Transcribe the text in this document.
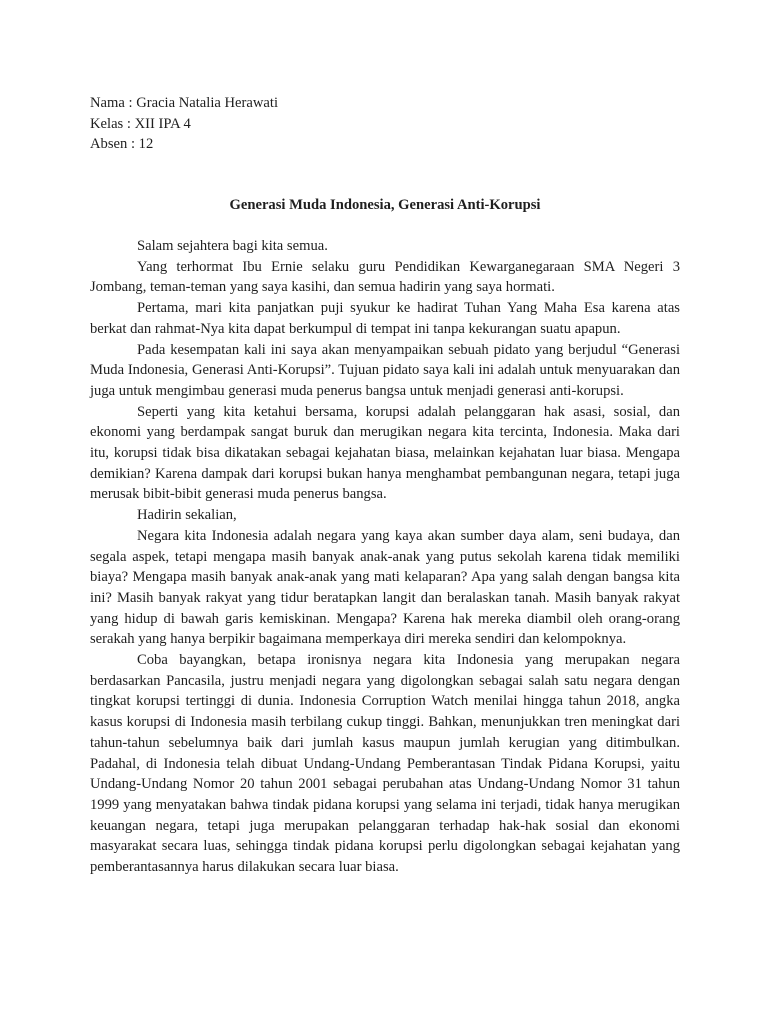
Nama : Gracia Natalia Herawati
Kelas : XII IPA 4
Absen : 12
Generasi Muda Indonesia, Generasi Anti-Korupsi

Salam sejahtera bagi kita semua.

Yang terhormat Ibu Ernie selaku guru Pendidikan Kewarganegaraan SMA Negeri 3 Jombang, teman-teman yang saya kasihi, dan semua hadirin yang saya hormati.

Pertama, mari kita panjatkan puji syukur ke hadirat Tuhan Yang Maha Esa karena atas berkat dan rahmat-Nya kita dapat berkumpul di tempat ini tanpa kekurangan suatu apapun.

Pada kesempatan kali ini saya akan menyampaikan sebuah pidato yang berjudul “Generasi Muda Indonesia, Generasi Anti-Korupsi”. Tujuan pidato saya kali ini adalah untuk menyuarakan dan juga untuk mengimbau generasi muda penerus bangsa untuk menjadi generasi anti-korupsi.

Seperti yang kita ketahui bersama, korupsi adalah pelanggaran hak asasi, sosial, dan ekonomi yang berdampak sangat buruk dan merugikan negara kita tercinta, Indonesia. Maka dari itu, korupsi tidak bisa dikatakan sebagai kejahatan biasa, melainkan kejahatan luar biasa. Mengapa demikian? Karena dampak dari korupsi bukan hanya menghambat pembangunan negara, tetapi juga merusak bibit-bibit generasi muda penerus bangsa.

Hadirin sekalian,

Negara kita Indonesia adalah negara yang kaya akan sumber daya alam, seni budaya, dan segala aspek, tetapi mengapa masih banyak anak-anak yang putus sekolah karena tidak memiliki biaya? Mengapa masih banyak anak-anak yang mati kelaparan? Apa yang salah dengan bangsa kita ini? Masih banyak rakyat yang tidur beratapkan langit dan beralaskan tanah. Masih banyak rakyat yang hidup di bawah garis kemiskinan. Mengapa? Karena hak mereka diambil oleh orang-orang serakah yang hanya berpikir bagaimana memperkaya diri mereka sendiri dan kelompoknya.

Coba bayangkan, betapa ironisnya negara kita Indonesia yang merupakan negara berdasarkan Pancasila, justru menjadi negara yang digolongkan sebagai salah satu negara dengan tingkat korupsi tertinggi di dunia. Indonesia Corruption Watch menilai hingga tahun 2018, angka kasus korupsi di Indonesia masih terbilang cukup tinggi. Bahkan, menunjukkan tren meningkat dari tahun-tahun sebelumnya baik dari jumlah kasus maupun jumlah kerugian yang ditimbulkan. Padahal, di Indonesia telah dibuat Undang-Undang Pemberantasan Tindak Pidana Korupsi, yaitu Undang-Undang Nomor 20 tahun 2001 sebagai perubahan atas Undang-Undang Nomor 31 tahun 1999 yang menyatakan bahwa tindak pidana korupsi yang selama ini terjadi, tidak hanya merugikan keuangan negara, tetapi juga merupakan pelanggaran terhadap hak-hak sosial dan ekonomi masyarakat secara luas, sehingga tindak pidana korupsi perlu digolongkan sebagai kejahatan yang pemberantasannya harus dilakukan secara luar biasa.
